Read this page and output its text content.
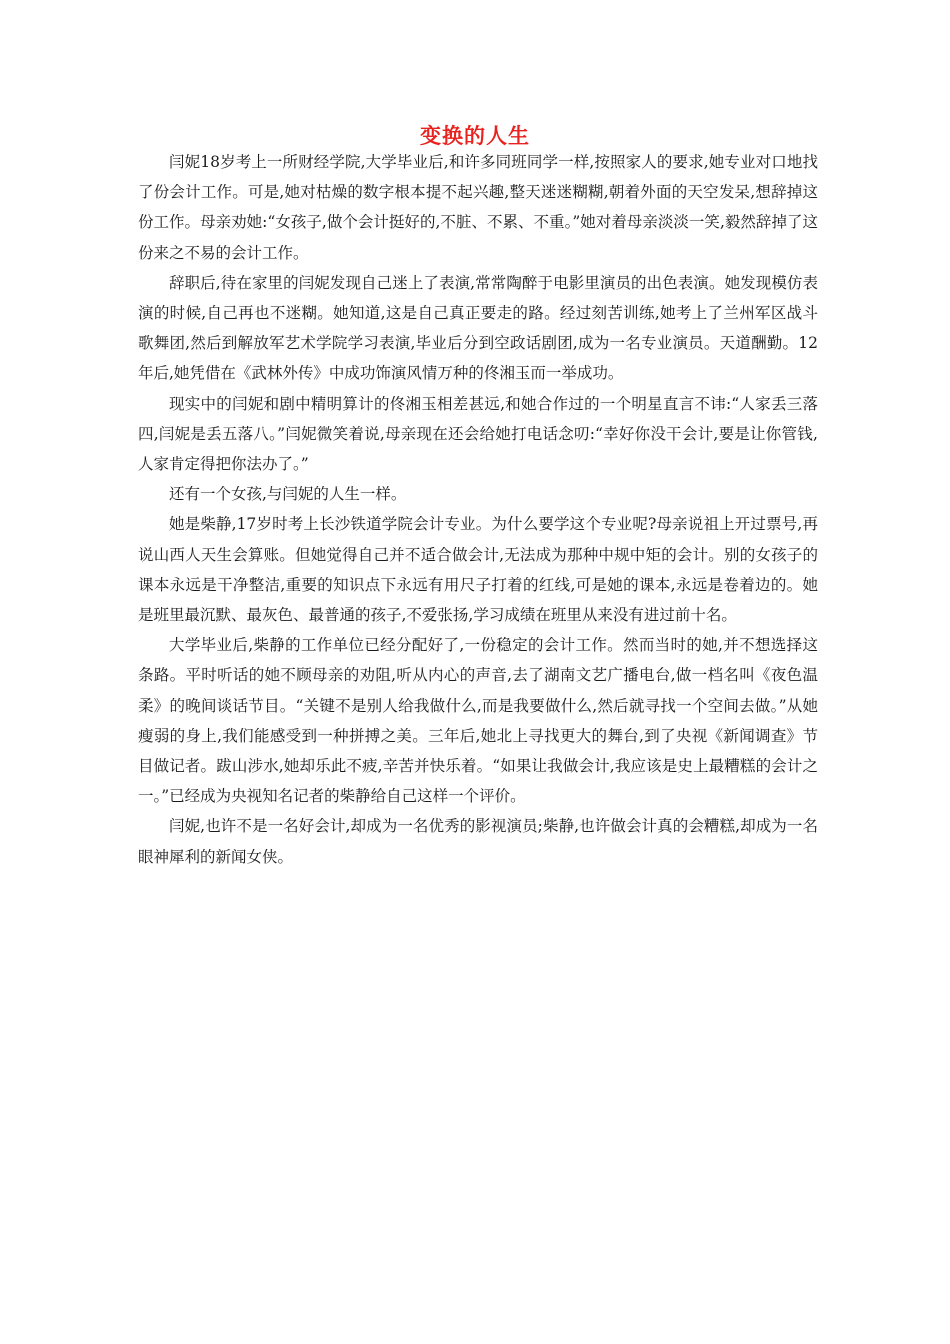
变换的人生

闫妮18岁考上一所财经学院,大学毕业后,和许多同班同学一样,按照家人的要求,她专业对口地找了份会计工作。可是,她对枯燥的数字根本提不起兴趣,整天迷迷糊糊,朝着外面的天空发呆,想辞掉这份工作。母亲劝她:“女孩子,做个会计挺好的,不脏、不累、不重。”她对着母亲淡淡一笑,毅然辞掉了这份来之不易的会计工作。

辞职后,待在家里的闫妮发现自己迷上了表演,常常陶醉于电影里演员的出色表演。她发现模仿表演的时候,自己再也不迷糊。她知道,这是自己真正要走的路。经过刻苦训练,她考上了兰州军区战斗歌舞团,然后到解放军艺术学院学习表演,毕业后分到空政话剧团,成为一名专业演员。天道酬勤。12年后,她凭借在《武林外传》中成功饰演风情万种的佟湘玉而一举成功。

现实中的闫妮和剧中精明算计的佟湘玉相差甚远,和她合作过的一个明星直言不讳:“人家丢三落四,闫妮是丢五落八。”闫妮微笑着说,母亲现在还会给她打电话念叨:“幸好你没干会计,要是让你管钱,人家肯定得把你法办了。”

还有一个女孩,与闫妮的人生一样。

她是柴静,17岁时考上长沙铁道学院会计专业。为什么要学这个专业呢?母亲说祖上开过票号,再说山西人天生会算账。但她觉得自己并不适合做会计,无法成为那种中规中矩的会计。别的女孩子的课本永远是干净整洁,重要的知识点下永远有用尺子打着的红线,可是她的课本,永远是卷着边的。她是班里最沉默、最灰色、最普通的孩子,不爱张扬,学习成绩在班里从来没有进过前十名。

大学毕业后,柴静的工作单位已经分配好了,一份稳定的会计工作。然而当时的她,并不想选择这条路。平时听话的她不顾母亲的劝阻,听从内心的声音,去了湖南文艺广播电台,做一档名叫《夜色温柔》的晚间谈话节目。“关键不是别人给我做什么,而是我要做什么,然后就寻找一个空间去做。”从她瘦弱的身上,我们能感受到一种拼搏之美。三年后,她北上寻找更大的舞台,到了央视《新闻调查》节目做记者。跋山涉水,她却乐此不疲,辛苦并快乐着。“如果让我做会计,我应该是史上最糟糕的会计之一。”已经成为央视知名记者的柴静给自己这样一个评价。

闫妮,也许不是一名好会计,却成为一名优秀的影视演员;柴静,也许做会计真的会糟糕,却成为一名眼神犀利的新闻女侠。
